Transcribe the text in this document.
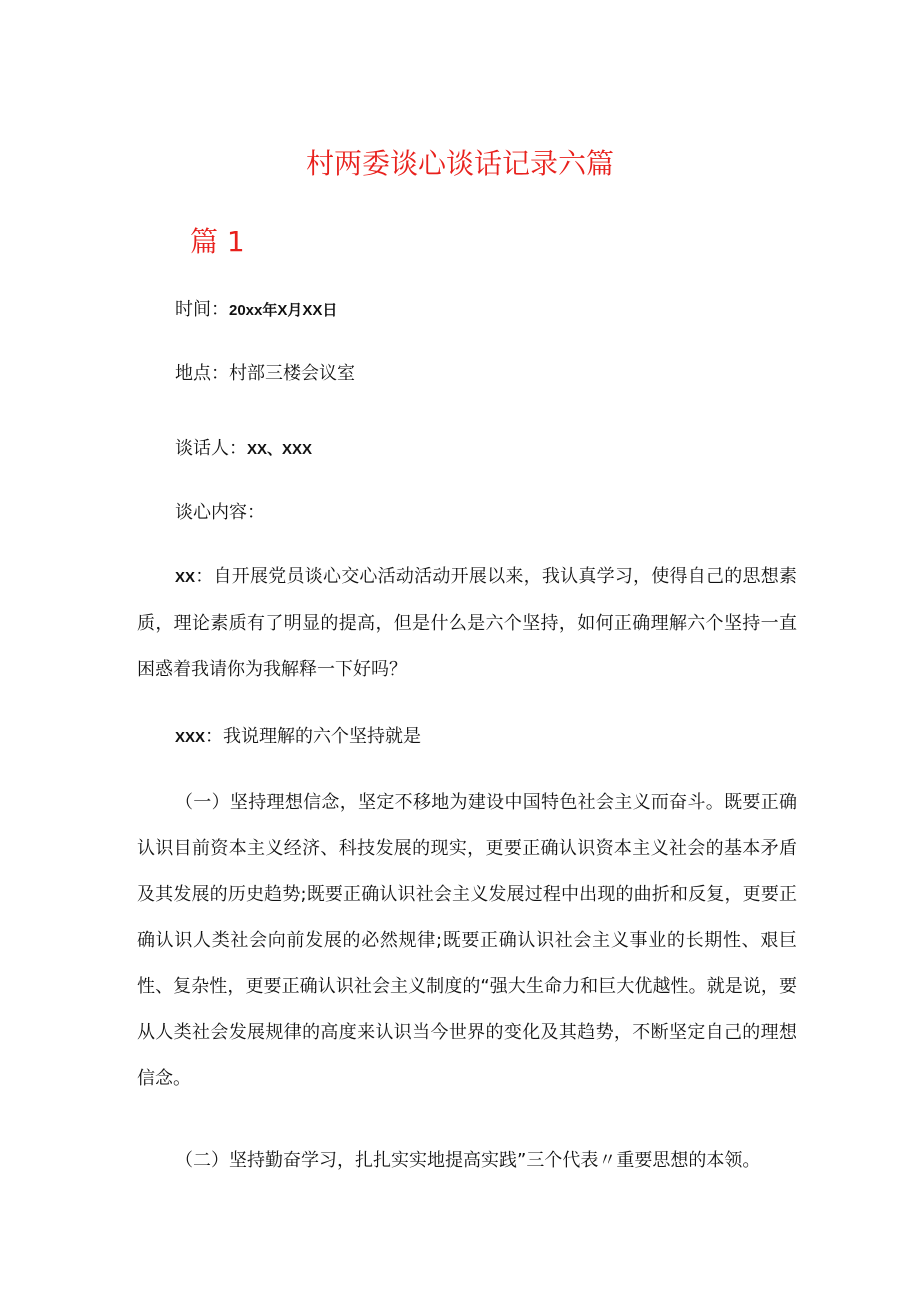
村两委谈心谈话记录六篇
篇 1
时间：20xx年X月XX日
地点：村部三楼会议室
谈话人：XX、XXX
谈心内容：
XX：自开展党员谈心交心活动活动开展以来，我认真学习，使得自己的思想素质，理论素质有了明显的提高，但是什么是六个坚持，如何正确理解六个坚持一直困惑着我请你为我解释一下好吗？
XXX：我说理解的六个坚持就是
（一）坚持理想信念，坚定不移地为建设中国特色社会主义而奋斗。既要正确认识目前资本主义经济、科技发展的现实，更要正确认识资本主义社会的基本矛盾及其发展的历史趋势;既要正确认识社会主义发展过程中出现的曲折和反复，更要正确认识人类社会向前发展的必然规律;既要正确认识社会主义事业的长期性、艰巨性、复杂性，更要正确认识社会主义制度的“强大生命力和巨大优越性。就是说，要从人类社会发展规律的高度来认识当今世界的变化及其趋势，不断坚定自己的理想信念。
（二）坚持勤奋学习，扎扎实实地提高实践”三个代表〃重要思想的本领。
